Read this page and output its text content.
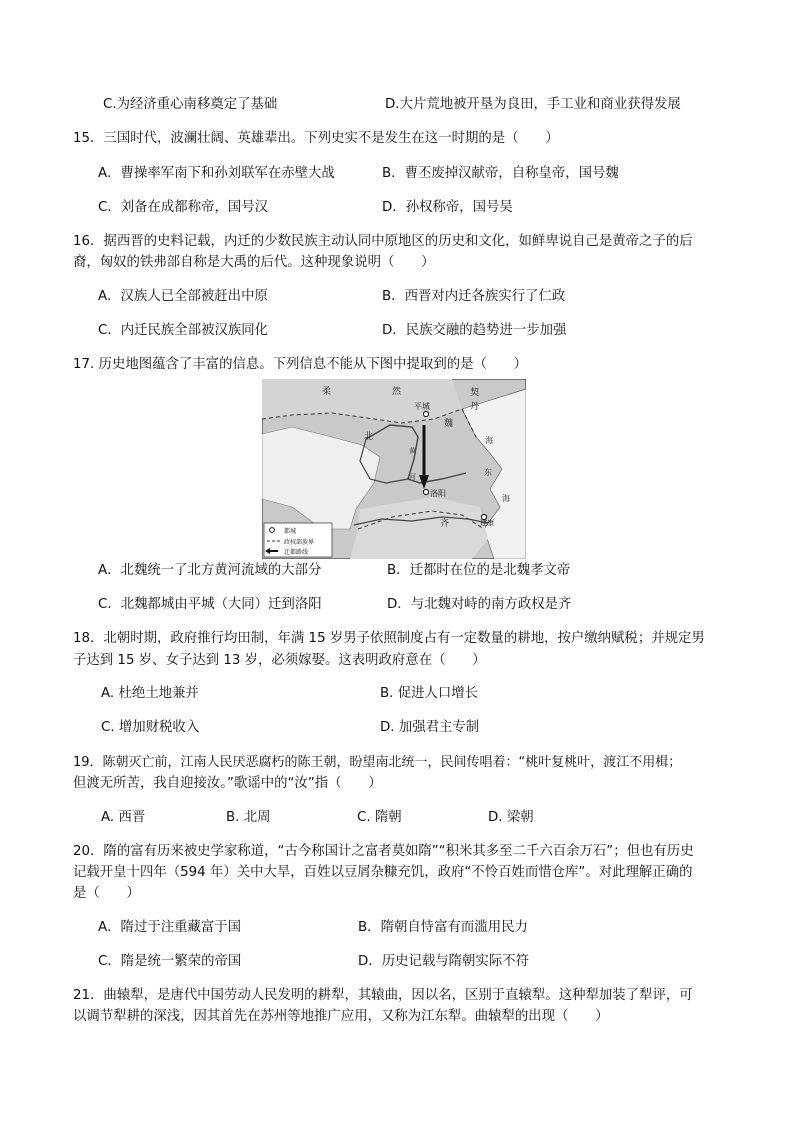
C.为经济重心南移奠定了基础	D.大片荒地被开垦为良田，手工业和商业获得发展
15．三国时代，波澜壮阔、英雄辈出。下列史实不是发生在这一时期的是（　　）
A．曹操率军南下和孙刘联军在赤壁大战	B．曹丕废掉汉献帝，自称皇帝，国号魏
C．刘备在成都称帝，国号汉	D．孙权称帝，国号吴
16．据西晋的史料记载，内迁的少数民族主动认同中原地区的历史和文化，如鲜卑说自己是黄帝之子的后
裔，匈奴的铁弗部自称是大禹的后代。这种现象说明（　　）
A．汉族人已全部被赶出中原	B．西晋对内迁各族实行了仁政
C．内迁民族全部被汉族同化	D．民族交融的趋势进一步加强
17. 历史地图蕴含了丰富的信息。下列信息不能从下图中提取到的是（　　）
柔	然	契
丹
北
魏
平城
洛阳
黄
河
海
东
海
齐	建康
都城
政权部族界
迁都路线
A．北魏统一了北方黄河流域的大部分	B．迁都时在位的是北魏孝文帝
C．北魏都城由平城（大同）迁到洛阳	D．与北魏对峙的南方政权是齐
18．北朝时期，政府推行均田制，年满 15 岁男子依照制度占有一定数量的耕地，按户缴纳赋税；并规定男
子达到 15 岁、女子达到 13 岁，必须嫁娶。这表明政府意在（　　）
A. 杜绝土地兼并	B. 促进人口增长
C. 增加财税收入	D. 加强君主专制
19．陈朝灭亡前，江南人民厌恶腐朽的陈王朝，盼望南北统一，民间传唱着：“桃叶复桃叶，渡江不用楫；
但渡无所苦，我自迎接汝。”歌谣中的“汝”指（　　）
A. 西晋	B. 北周	C. 隋朝	D. 梁朝
20．隋的富有历来被史学家称道，“古今称国计之富者莫如隋”“积米其多至二千六百余万石”；但也有历史
记载开皇十四年（594 年）关中大旱，百姓以豆屑杂糠充饥，政府“不怜百姓而惜仓库”。对此理解正确的
是（　　）
A．隋过于注重藏富于国	B．隋朝自恃富有而滥用民力
C．隋是统一繁荣的帝国	D．历史记载与隋朝实际不符
21．曲辕犁，是唐代中国劳动人民发明的耕犁，其辕曲，因以名，区别于直辕犁。这种犁加装了犁评，可
以调节犁耕的深浅，因其首先在苏州等地推广应用，又称为江东犁。曲辕犁的出现（　　）
